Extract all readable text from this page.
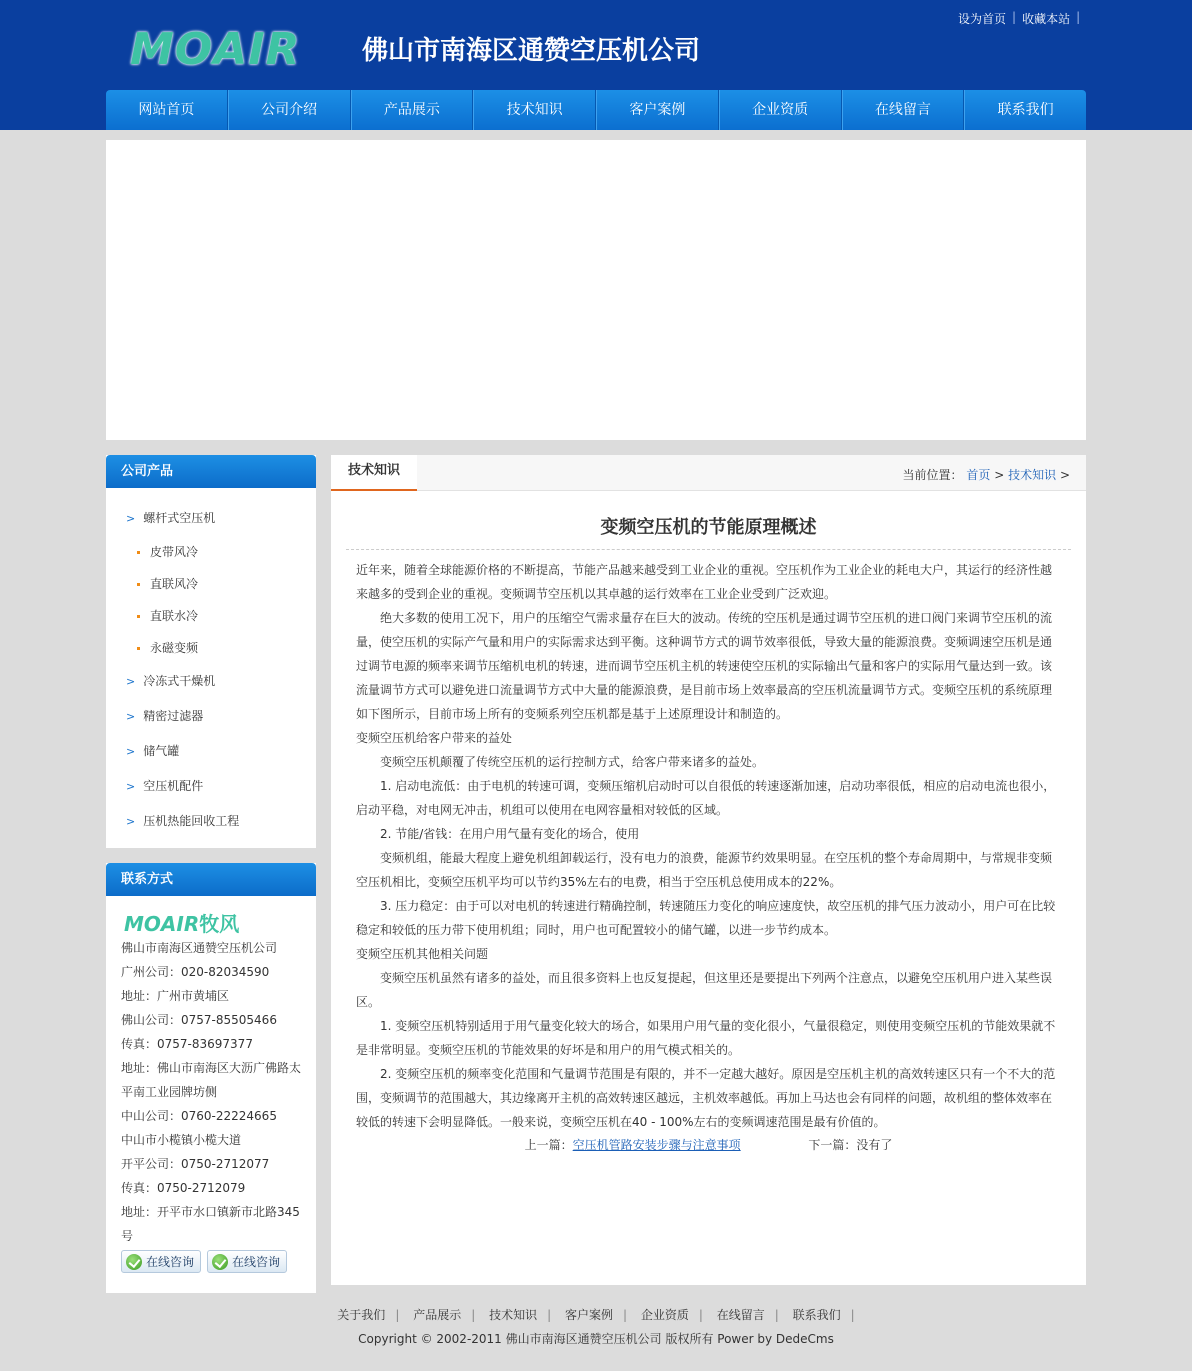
设为首页 | 收藏本站 |
MOAIR 佛山市南海区通赞空压机公司
网站首页	公司介绍	产品展示	技术知识	客户案例	企业资质	在线留言	联系我们
公司产品
> 螺杆式空压机
皮带风冷
直联风冷
直联水冷
永磁变频
> 冷冻式干燥机
> 精密过滤器
> 储气罐
> 空压机配件
> 压机热能回收工程
联系方式
MOAIR牧风
佛山市南海区通赞空压机公司
广州公司：020-82034590
地址：广州市黄埔区
佛山公司：0757-85505466
传真：0757-83697377
地址：佛山市南海区大沥广佛路太
平南工业园牌坊侧
中山公司：0760-22224665
中山市小榄镇小榄大道
开平公司：0750-2712077
传真：0750-2712079
地址：开平市水口镇新市北路345
号
在线咨询	在线咨询
技术知识	当前位置： 首页 > 技术知识 >
变频空压机的节能原理概述

近年来，随着全球能源价格的不断提高，节能产品越来越受到工业企业的重视。空压机作为工业企业的耗电大户，其运行的经济性越来越多的受到企业的重视。变频调节空压机以其卓越的运行效率在工业企业受到广泛欢迎。

绝大多数的使用工况下，用户的压缩空气需求量存在巨大的波动。传统的空压机是通过调节空压机的进口阀门来调节空压机的流量，使空压机的实际产气量和用户的实际需求达到平衡。这种调节方式的调节效率很低，导致大量的能源浪费。变频调速空压机是通过调节电源的频率来调节压缩机电机的转速，进而调节空压机主机的转速使空压机的实际输出气量和客户的实际用气量达到一致。该流量调节方式可以避免进口流量调节方式中大量的能源浪费，是目前市场上效率最高的空压机流量调节方式。变频空压机的系统原理如下图所示，目前市场上所有的变频系列空压机都是基于上述原理设计和制造的。

变频空压机给客户带来的益处

变频空压机颠覆了传统空压机的运行控制方式，给客户带来诸多的益处。

1. 启动电流低：由于电机的转速可调，变频压缩机启动时可以自很低的转速逐渐加速，启动功率很低，相应的启动电流也很小，启动平稳，对电网无冲击，机组可以使用在电网容量相对较低的区域。

2. 节能/省钱：在用户用气量有变化的场合，使用

变频机组，能最大程度上避免机组卸载运行，没有电力的浪费，能源节约效果明显。在空压机的整个寿命周期中，与常规非变频空压机相比，变频空压机平均可以节约35%左右的电费，相当于空压机总使用成本的22%。

3. 压力稳定：由于可以对电机的转速进行精确控制，转速随压力变化的响应速度快，故空压机的排气压力波动小，用户可在比较稳定和较低的压力带下使用机组；同时，用户也可配置较小的储气罐，以进一步节约成本。

变频空压机其他相关问题

变频空压机虽然有诸多的益处，而且很多资料上也反复提起，但这里还是要提出下列两个注意点，以避免空压机用户进入某些误区。

1. 变频空压机特别适用于用气量变化较大的场合，如果用户用气量的变化很小，气量很稳定，则使用变频空压机的节能效果就不是非常明显。变频空压机的节能效果的好坏是和用户的用气模式相关的。

2. 变频空压机的频率变化范围和气量调节范围是有限的，并不一定越大越好。原因是空压机主机的高效转速区只有一个不大的范围，变频调节的范围越大，其边缘离开主机的高效转速区越远，主机效率越低。再加上马达也会有同样的问题，故机组的整体效率在较低的转速下会明显降低。一般来说，变频空压机在40 - 100%左右的变频调速范围是最有价值的。

上一篇：空压机管路安装步骤与注意事项	下一篇：没有了
关于我们 | 产品展示 | 技术知识 | 客户案例 | 企业资质 | 在线留言 | 联系我们 |
Copyright © 2002-2011 佛山市南海区通赞空压机公司 版权所有 Power by DedeCms
